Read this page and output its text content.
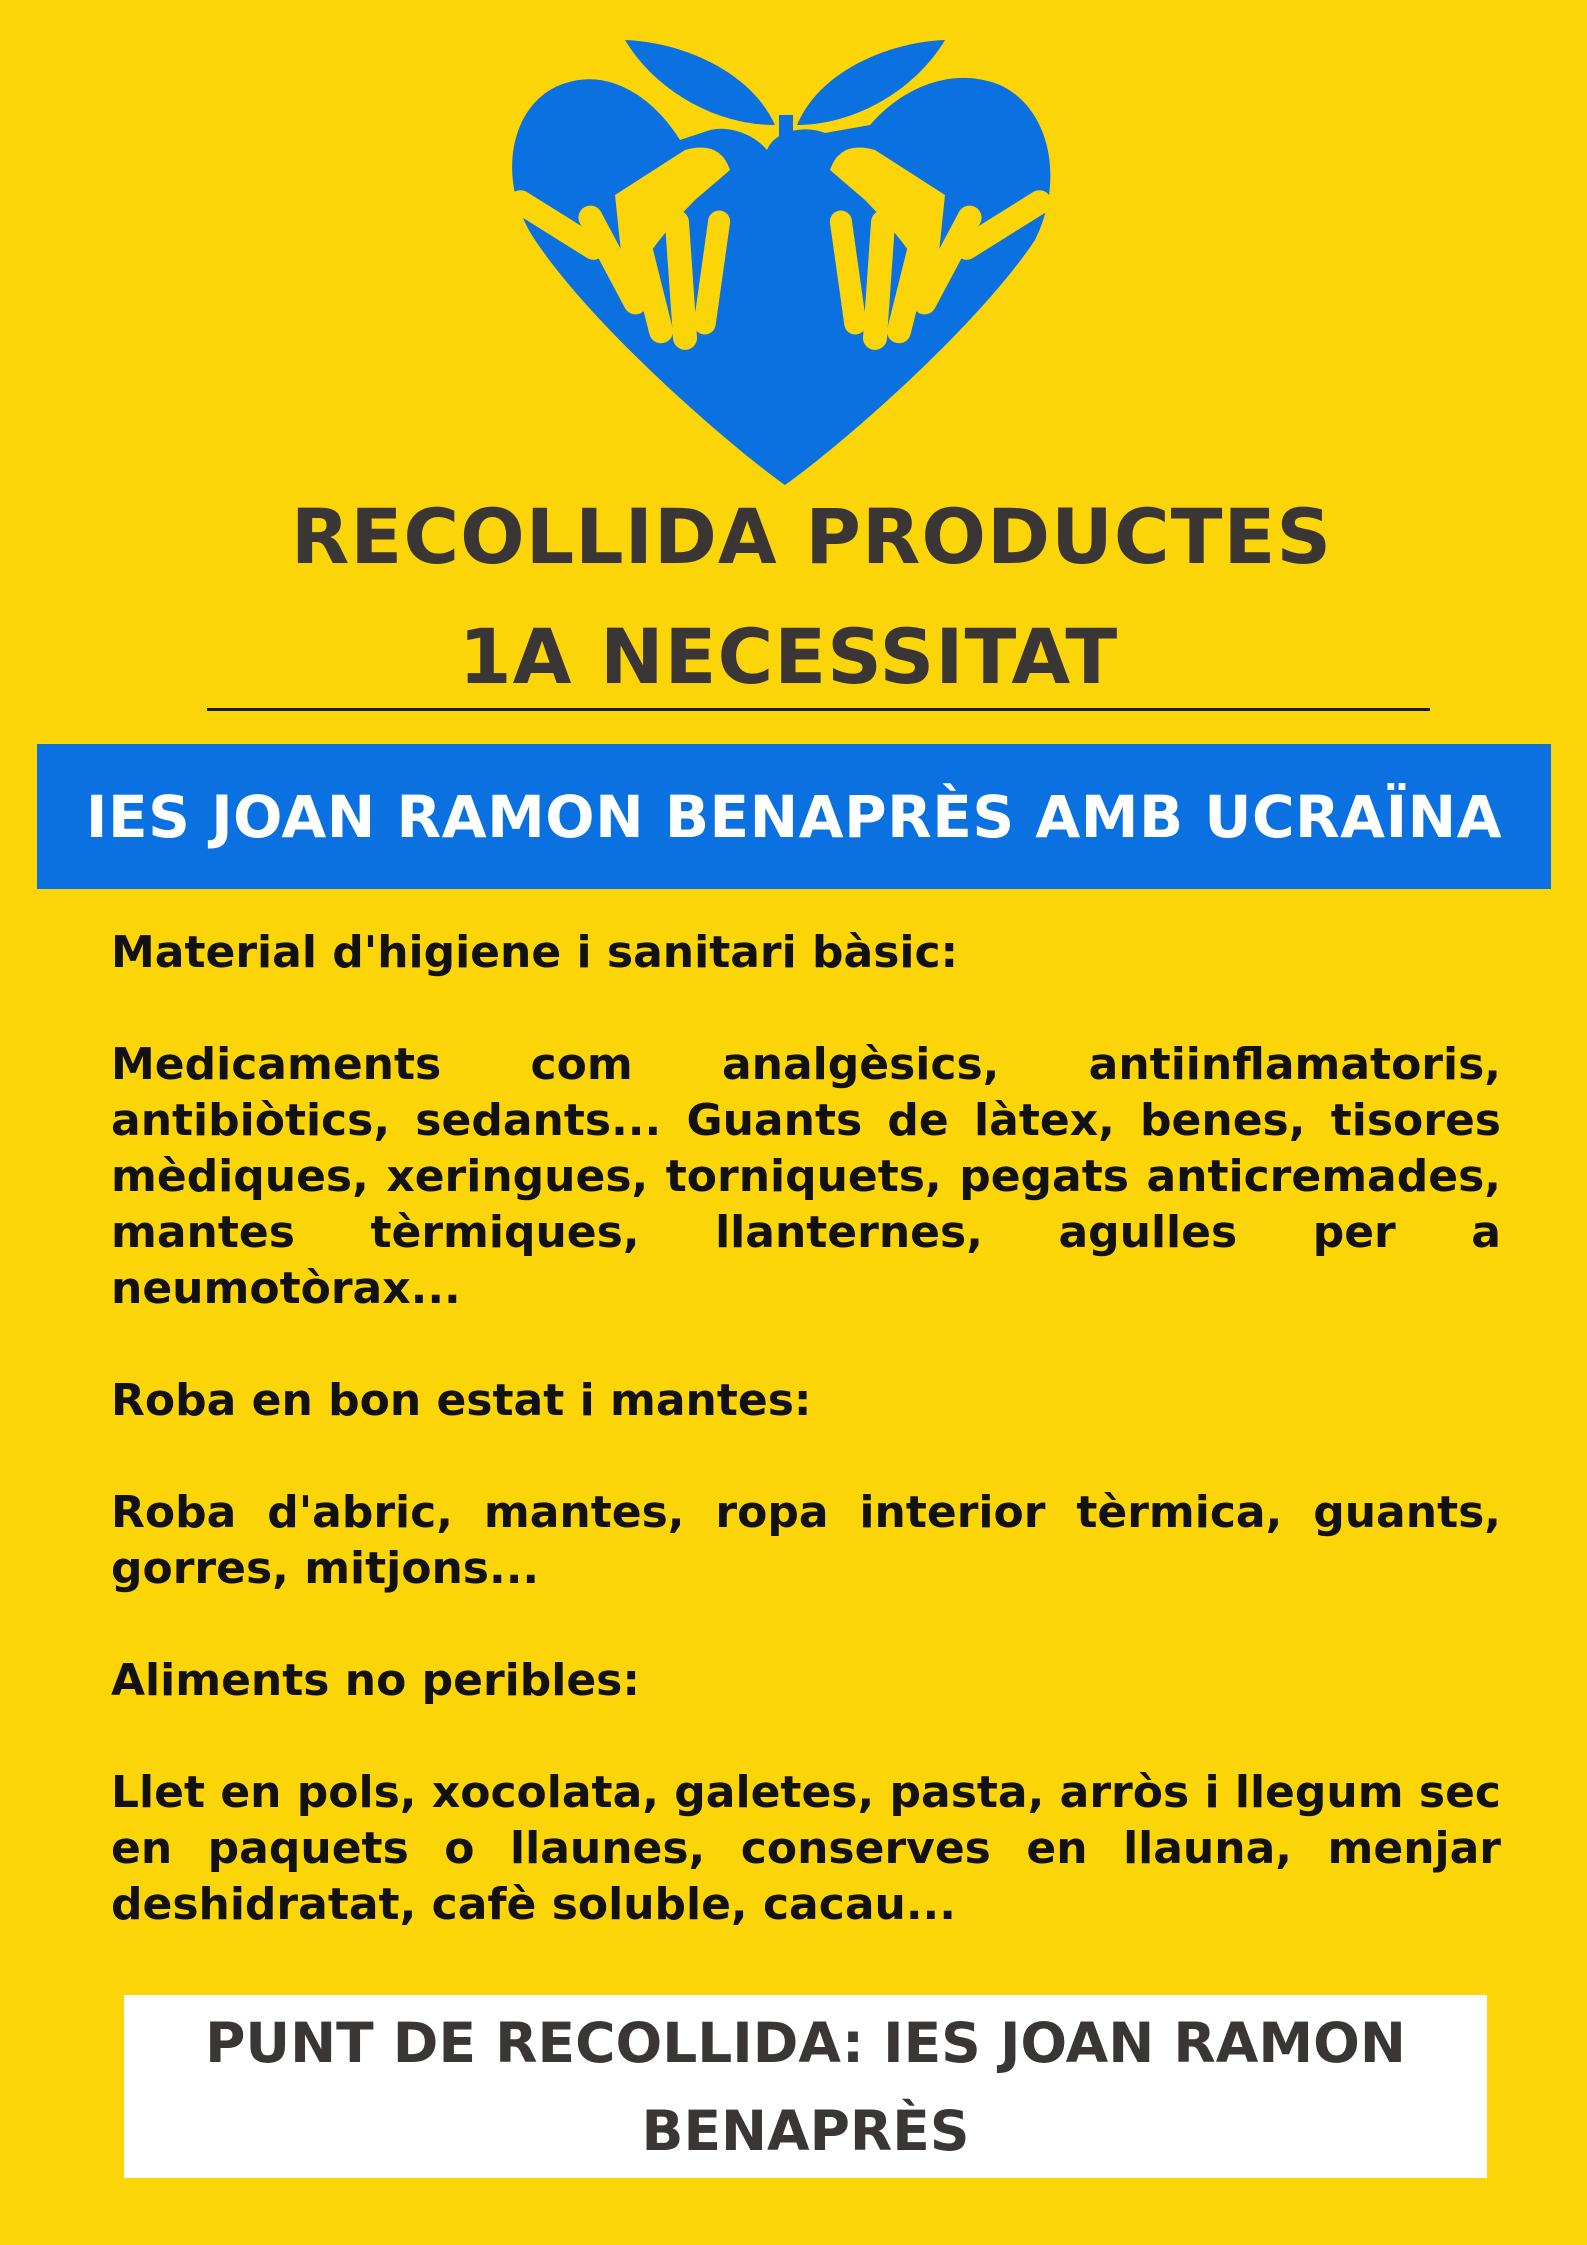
RECOLLIDA PRODUCTES
1A NECESSITAT
IES JOAN RAMON BENAPRÈS AMB UCRAÏNA

Material d'higiene i sanitari bàsic:

Medicaments com analgèsics, antiinflamatoris, antibiòtics, sedants... Guants de làtex, benes, tisores mèdiques, xeringues, torniquets, pegats anticremades, mantes tèrmiques, llanternes, agulles per a neumotòrax...

Roba en bon estat i mantes:

Roba d'abric, mantes, ropa interior tèrmica, guants, gorres, mitjons...

Aliments no peribles:

Llet en pols, xocolata, galetes, pasta, arròs i llegum sec en paquets o llaunes, conserves en llauna, menjar deshidratat, cafè soluble, cacau...

PUNT DE RECOLLIDA: IES JOAN RAMON BENAPRÈS
